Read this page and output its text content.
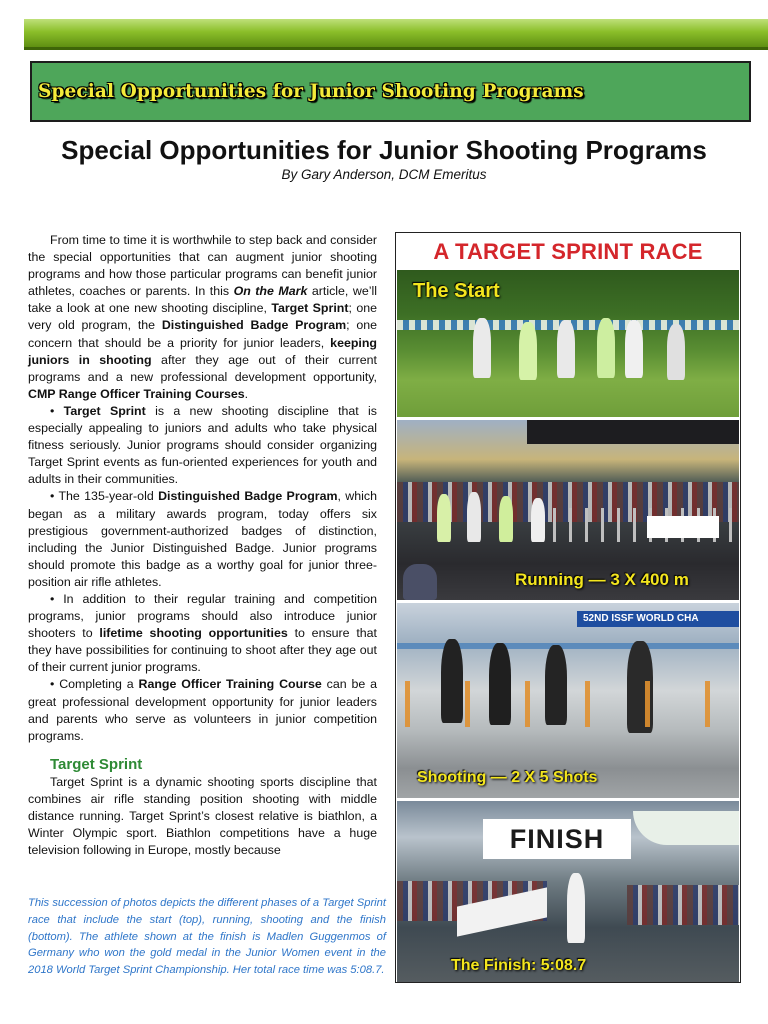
Special Opportunities for Junior Shooting Programs
Special Opportunities for Junior Shooting Programs
By Gary Anderson, DCM Emeritus

From time to time it is worthwhile to step back and consider the special opportunities that can augment junior shooting programs and how those particular programs can benefit junior athletes, coaches or parents. In this On the Mark article, we’ll take a look at one new shooting discipline, Target Sprint; one very old program, the Distinguished Badge Program; one concern that should be a priority for junior leaders, keeping juniors in shooting after they age out of their current programs and a new professional development opportunity, CMP Range Officer Training Courses.

• Target Sprint is a new shooting discipline that is especially appealing to juniors and adults who take physical fitness seriously. Junior programs should consider organizing Target Sprint events as fun-oriented experiences for youth and adults in their communities.

• The 135-year-old Distinguished Badge Program, which began as a military awards program, today offers six prestigious government-authorized badges of distinction, including the Junior Distinguished Badge. Junior programs should promote this badge as a worthy goal for junior three-position air rifle athletes.

• In addition to their regular training and competition programs, junior programs should also introduce junior shooters to lifetime shooting opportunities to ensure that they have possibilities for continuing to shoot after they age out of their current junior programs.

• Completing a Range Officer Training Course can be a great professional development opportunity for junior leaders and parents who serve as volunteers in junior competition programs.

Target Sprint

Target Sprint is a dynamic shooting sports discipline that combines air rifle standing position shooting with middle distance running. Target Sprint’s closest relative is biathlon, a Winter Olympic sport. Biathlon competitions have a huge television following in Europe, mostly because

This succession of photos depicts the different phases of a Target Sprint race that include the start (top), running, shooting and the finish (bottom). The athlete shown at the finish is Madlen Guggenmos of Germany who won the gold medal in the Junior Women event in the 2018 World Target Sprint Championship. Her total race time was 5:08.7.
A TARGET SPRINT RACE
The Start
Running — 3 X 400 m
52ND ISSF WORLD CHA
Shooting — 2 X 5 Shots
FINISH
The Finish: 5:08.7
